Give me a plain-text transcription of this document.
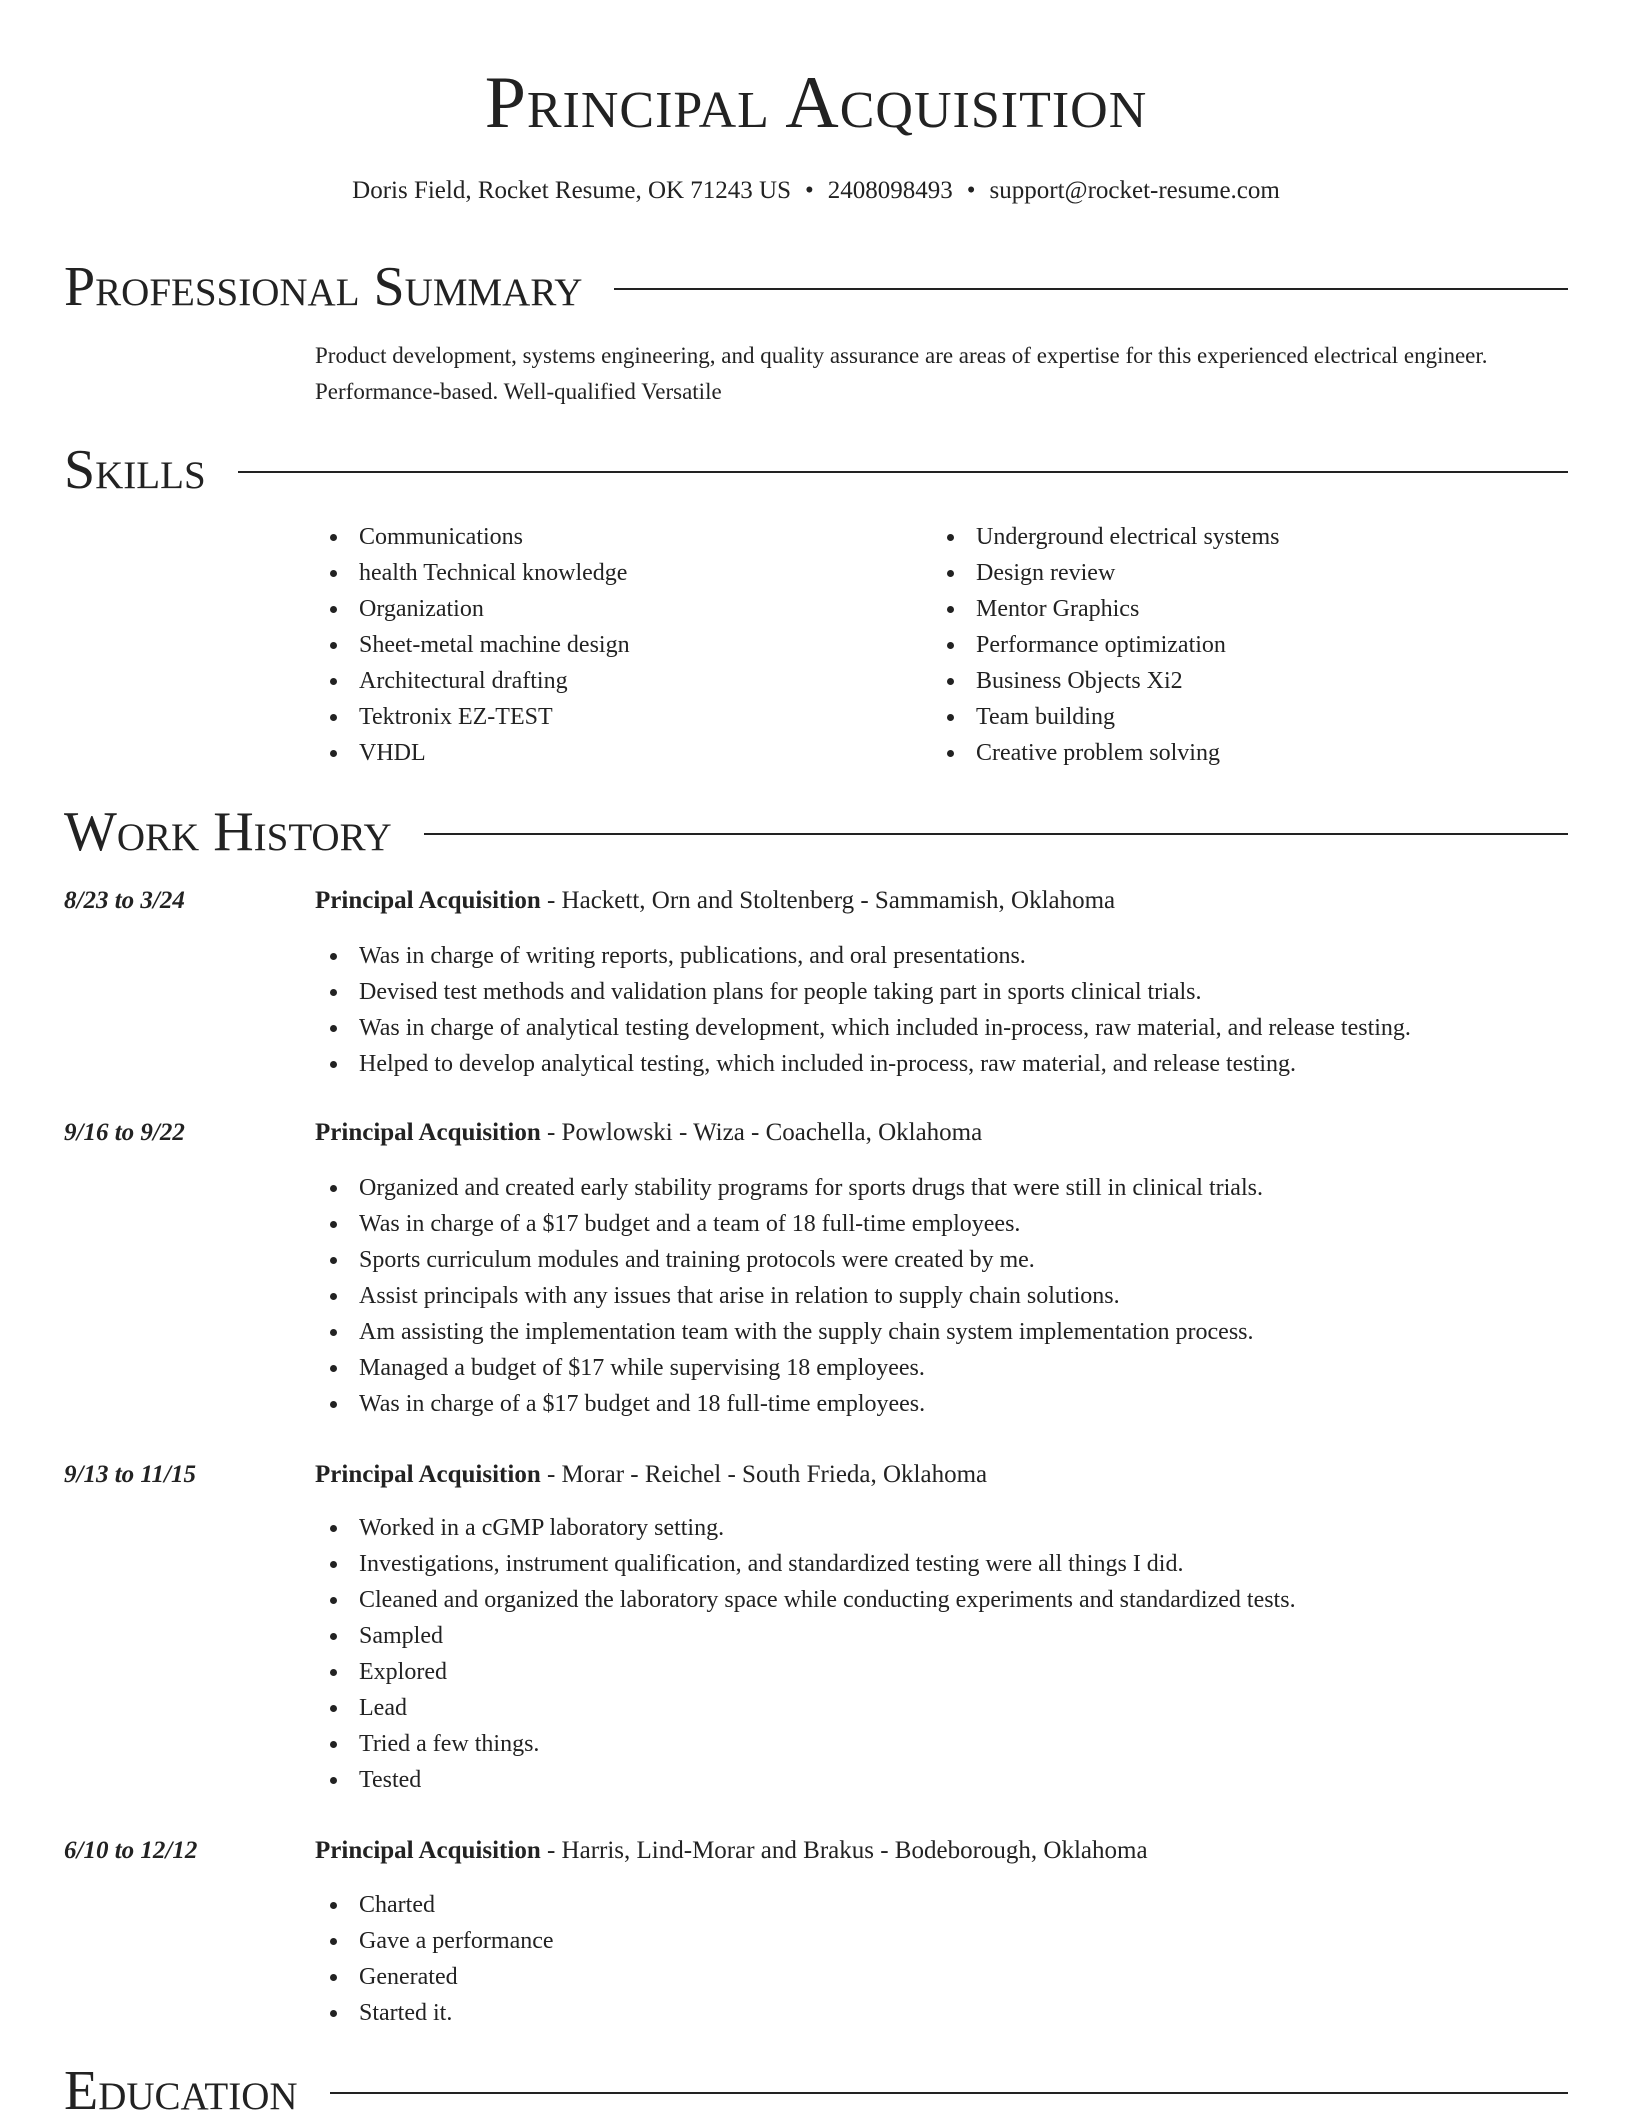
Principal Acquisition
Doris Field, Rocket Resume, OK 71243 US • 2408098493 • support@rocket-resume.com
Professional Summary
Product development, systems engineering, and quality assurance are areas of expertise for this experienced electrical engineer. Performance-based. Well-qualified Versatile
Skills
Communications
health Technical knowledge
Organization
Sheet-metal machine design
Architectural drafting
Tektronix EZ-TEST
VHDL
Underground electrical systems
Design review
Mentor Graphics
Performance optimization
Business Objects Xi2
Team building
Creative problem solving
Work History
8/23 to 3/24	Principal Acquisition - Hackett, Orn and Stoltenberg - Sammamish, Oklahoma
Was in charge of writing reports, publications, and oral presentations.
Devised test methods and validation plans for people taking part in sports clinical trials.
Was in charge of analytical testing development, which included in-process, raw material, and release testing.
Helped to develop analytical testing, which included in-process, raw material, and release testing.
9/16 to 9/22	Principal Acquisition - Powlowski - Wiza - Coachella, Oklahoma
Organized and created early stability programs for sports drugs that were still in clinical trials.
Was in charge of a $17 budget and a team of 18 full-time employees.
Sports curriculum modules and training protocols were created by me.
Assist principals with any issues that arise in relation to supply chain solutions.
Am assisting the implementation team with the supply chain system implementation process.
Managed a budget of $17 while supervising 18 employees.
Was in charge of a $17 budget and 18 full-time employees.
9/13 to 11/15	Principal Acquisition - Morar - Reichel - South Frieda, Oklahoma
Worked in a cGMP laboratory setting.
Investigations, instrument qualification, and standardized testing were all things I did.
Cleaned and organized the laboratory space while conducting experiments and standardized tests.
Sampled
Explored
Lead
Tried a few things.
Tested
6/10 to 12/12	Principal Acquisition - Harris, Lind-Morar and Brakus - Bodeborough, Oklahoma
Charted
Gave a performance
Generated
Started it.
Education
